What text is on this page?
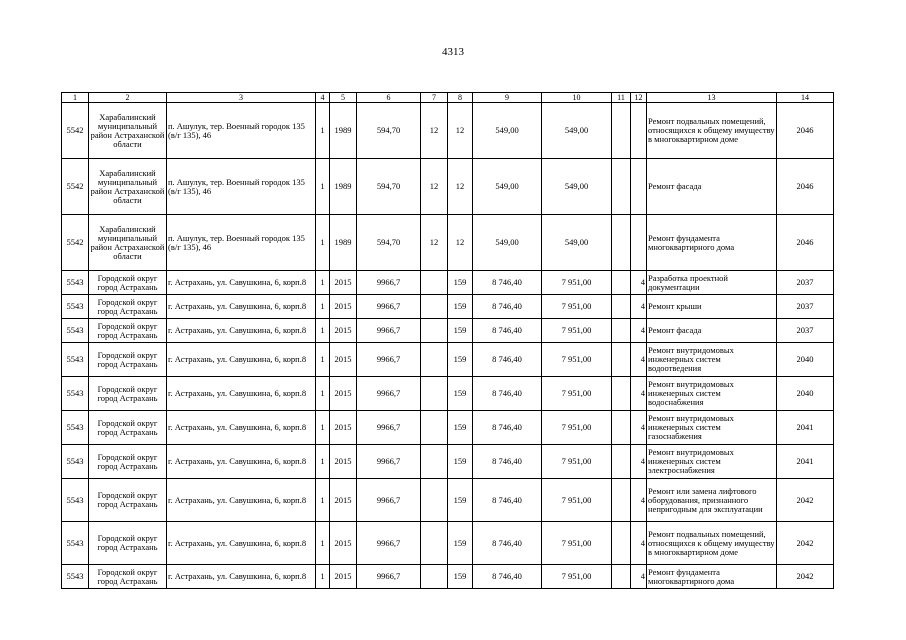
4313
1	2	3	4	5	6	7	8	9	10	11	12	13	14
5542	Харабалинский муниципальный район Астраханской области	п. Ашулук, тер. Военный городок 135 (в/г 135), 46	1	1989	594,70	12	12	549,00	549,00			Ремонт подвальных помещений, относящихся к общему имуществу в многоквартирном доме	2046
5542	Харабалинский муниципальный район Астраханской области	п. Ашулук, тер. Военный городок 135 (в/г 135), 46	1	1989	594,70	12	12	549,00	549,00			Ремонт фасада	2046
5542	Харабалинский муниципальный район Астраханской области	п. Ашулук, тер. Военный городок 135 (в/г 135), 46	1	1989	594,70	12	12	549,00	549,00			Ремонт фундамента многоквартирного дома	2046
5543	Городской округ город Астрахань	г. Астрахань, ул. Савушкина, 6, корп.8	1	2015	9966,7		159	8 746,40	7 951,00		4	Разработка проектной документации	2037
5543	Городской округ город Астрахань	г. Астрахань, ул. Савушкина, 6, корп.8	1	2015	9966,7		159	8 746,40	7 951,00		4	Ремонт крыши	2037
5543	Городской округ город Астрахань	г. Астрахань, ул. Савушкина, 6, корп.8	1	2015	9966,7		159	8 746,40	7 951,00		4	Ремонт фасада	2037
5543	Городской округ город Астрахань	г. Астрахань, ул. Савушкина, 6, корп.8	1	2015	9966,7		159	8 746,40	7 951,00		4	Ремонт внутридомовых инженерных систем водоотведения	2040
5543	Городской округ город Астрахань	г. Астрахань, ул. Савушкина, 6, корп.8	1	2015	9966,7		159	8 746,40	7 951,00		4	Ремонт внутридомовых инженерных систем водоснабжения	2040
5543	Городской округ город Астрахань	г. Астрахань, ул. Савушкина, 6, корп.8	1	2015	9966,7		159	8 746,40	7 951,00		4	Ремонт внутридомовых инженерных систем газоснабжения	2041
5543	Городской округ город Астрахань	г. Астрахань, ул. Савушкина, 6, корп.8	1	2015	9966,7		159	8 746,40	7 951,00		4	Ремонт внутридомовых инженерных систем электроснабжения	2041
5543	Городской округ город Астрахань	г. Астрахань, ул. Савушкина, 6, корп.8	1	2015	9966,7		159	8 746,40	7 951,00		4	Ремонт или замена лифтового оборудования, признанного непригодным для эксплуатации	2042
5543	Городской округ город Астрахань	г. Астрахань, ул. Савушкина, 6, корп.8	1	2015	9966,7		159	8 746,40	7 951,00		4	Ремонт подвальных помещений, относящихся к общему имуществу в многоквартирном доме	2042
5543	Городской округ город Астрахань	г. Астрахань, ул. Савушкина, 6, корп.8	1	2015	9966,7		159	8 746,40	7 951,00		4	Ремонт фундамента многоквартирного дома	2042
